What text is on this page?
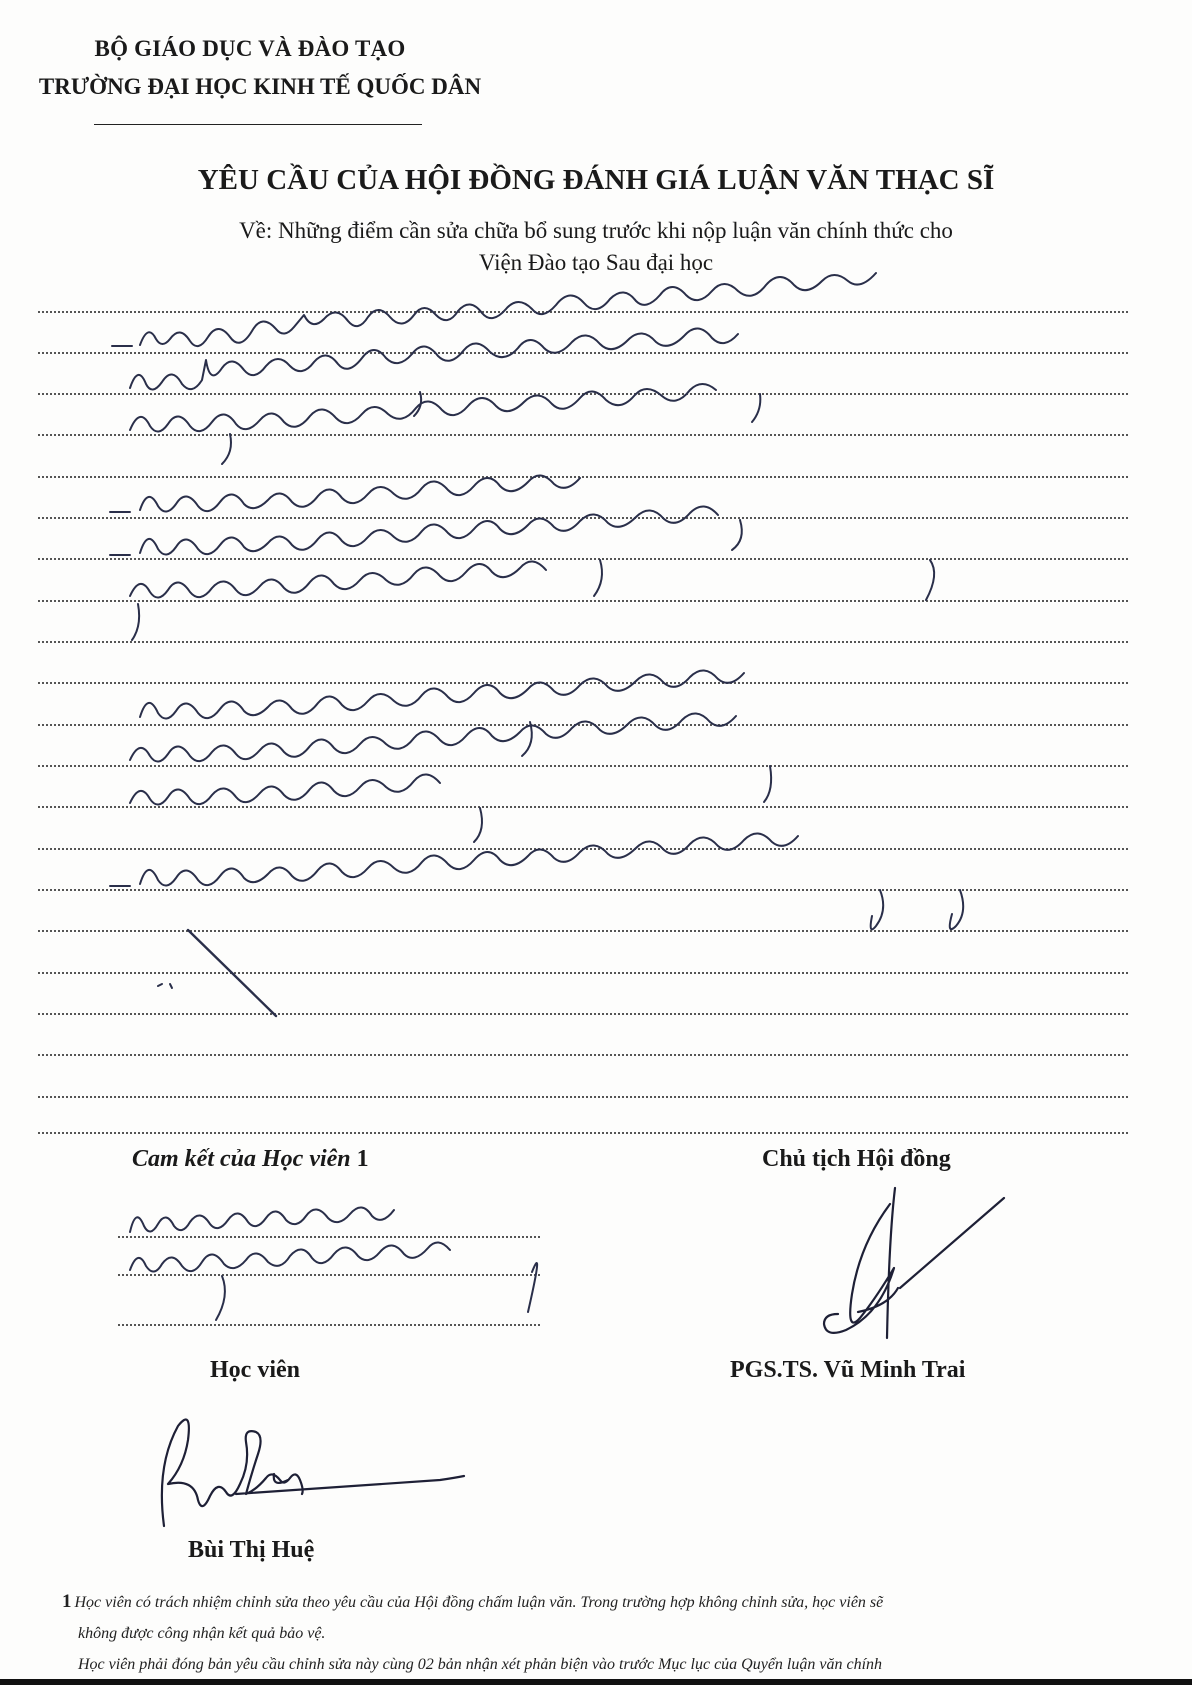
BỘ GIÁO DỤC VÀ ĐÀO TẠO
TRƯỜNG ĐẠI HỌC KINH TẾ QUỐC DÂN
YÊU CẦU CỦA HỘI ĐỒNG ĐÁNH GIÁ LUẬN VĂN THẠC SĨ
Về: Những điểm cần sửa chữa bổ sung trước khi nộp luận văn chính thức cho
Viện Đào tạo Sau đại học
Cam kết của Học viên 1
Học viên
Bùi Thị Huệ
Chủ tịch Hội đồng
PGS.TS. Vũ Minh Trai
1 Học viên có trách nhiệm chỉnh sửa theo yêu cầu của Hội đồng chấm luận văn. Trong trường hợp không chỉnh sửa, học viên sẽ
không được công nhận kết quả bảo vệ.
Học viên phải đóng bản yêu cầu chỉnh sửa này cùng 02 bản nhận xét phản biện vào trước Mục lục của Quyển luận văn chính
